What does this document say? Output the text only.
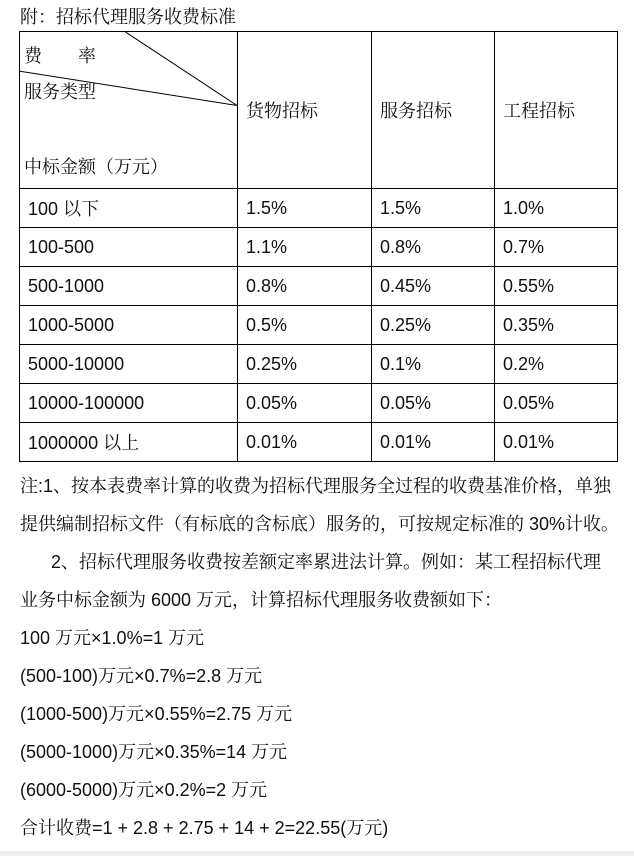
附：招标代理服务收费标准
费　　率
服务类型
中标金额（万元）	货物招标	服务招标	工程招标
100 以下	1.5%	1.5%	1.0%
100-500	1.1%	0.8%	0.7%
500-1000	0.8%	0.45%	0.55%
1000-5000	0.5%	0.25%	0.35%
5000-10000	0.25%	0.1%	0.2%
10000-100000	0.05%	0.05%	0.05%
1000000 以上	0.01%	0.01%	0.01%
注:1、按本表费率计算的收费为招标代理服务全过程的收费基准价格，单独
提供编制招标文件（有标底的含标底）服务的，可按规定标准的 30%计收。
2、招标代理服务收费按差额定率累进法计算。例如：某工程招标代理
业务中标金额为 6000 万元，计算招标代理服务收费额如下：
100 万元×1.0%=1 万元
(500-100)万元×0.7%=2.8 万元
(1000-500)万元×0.55%=2.75 万元
(5000-1000)万元×0.35%=14 万元
(6000-5000)万元×0.2%=2 万元
合计收费=1 + 2.8 + 2.75 + 14 + 2=22.55(万元)
